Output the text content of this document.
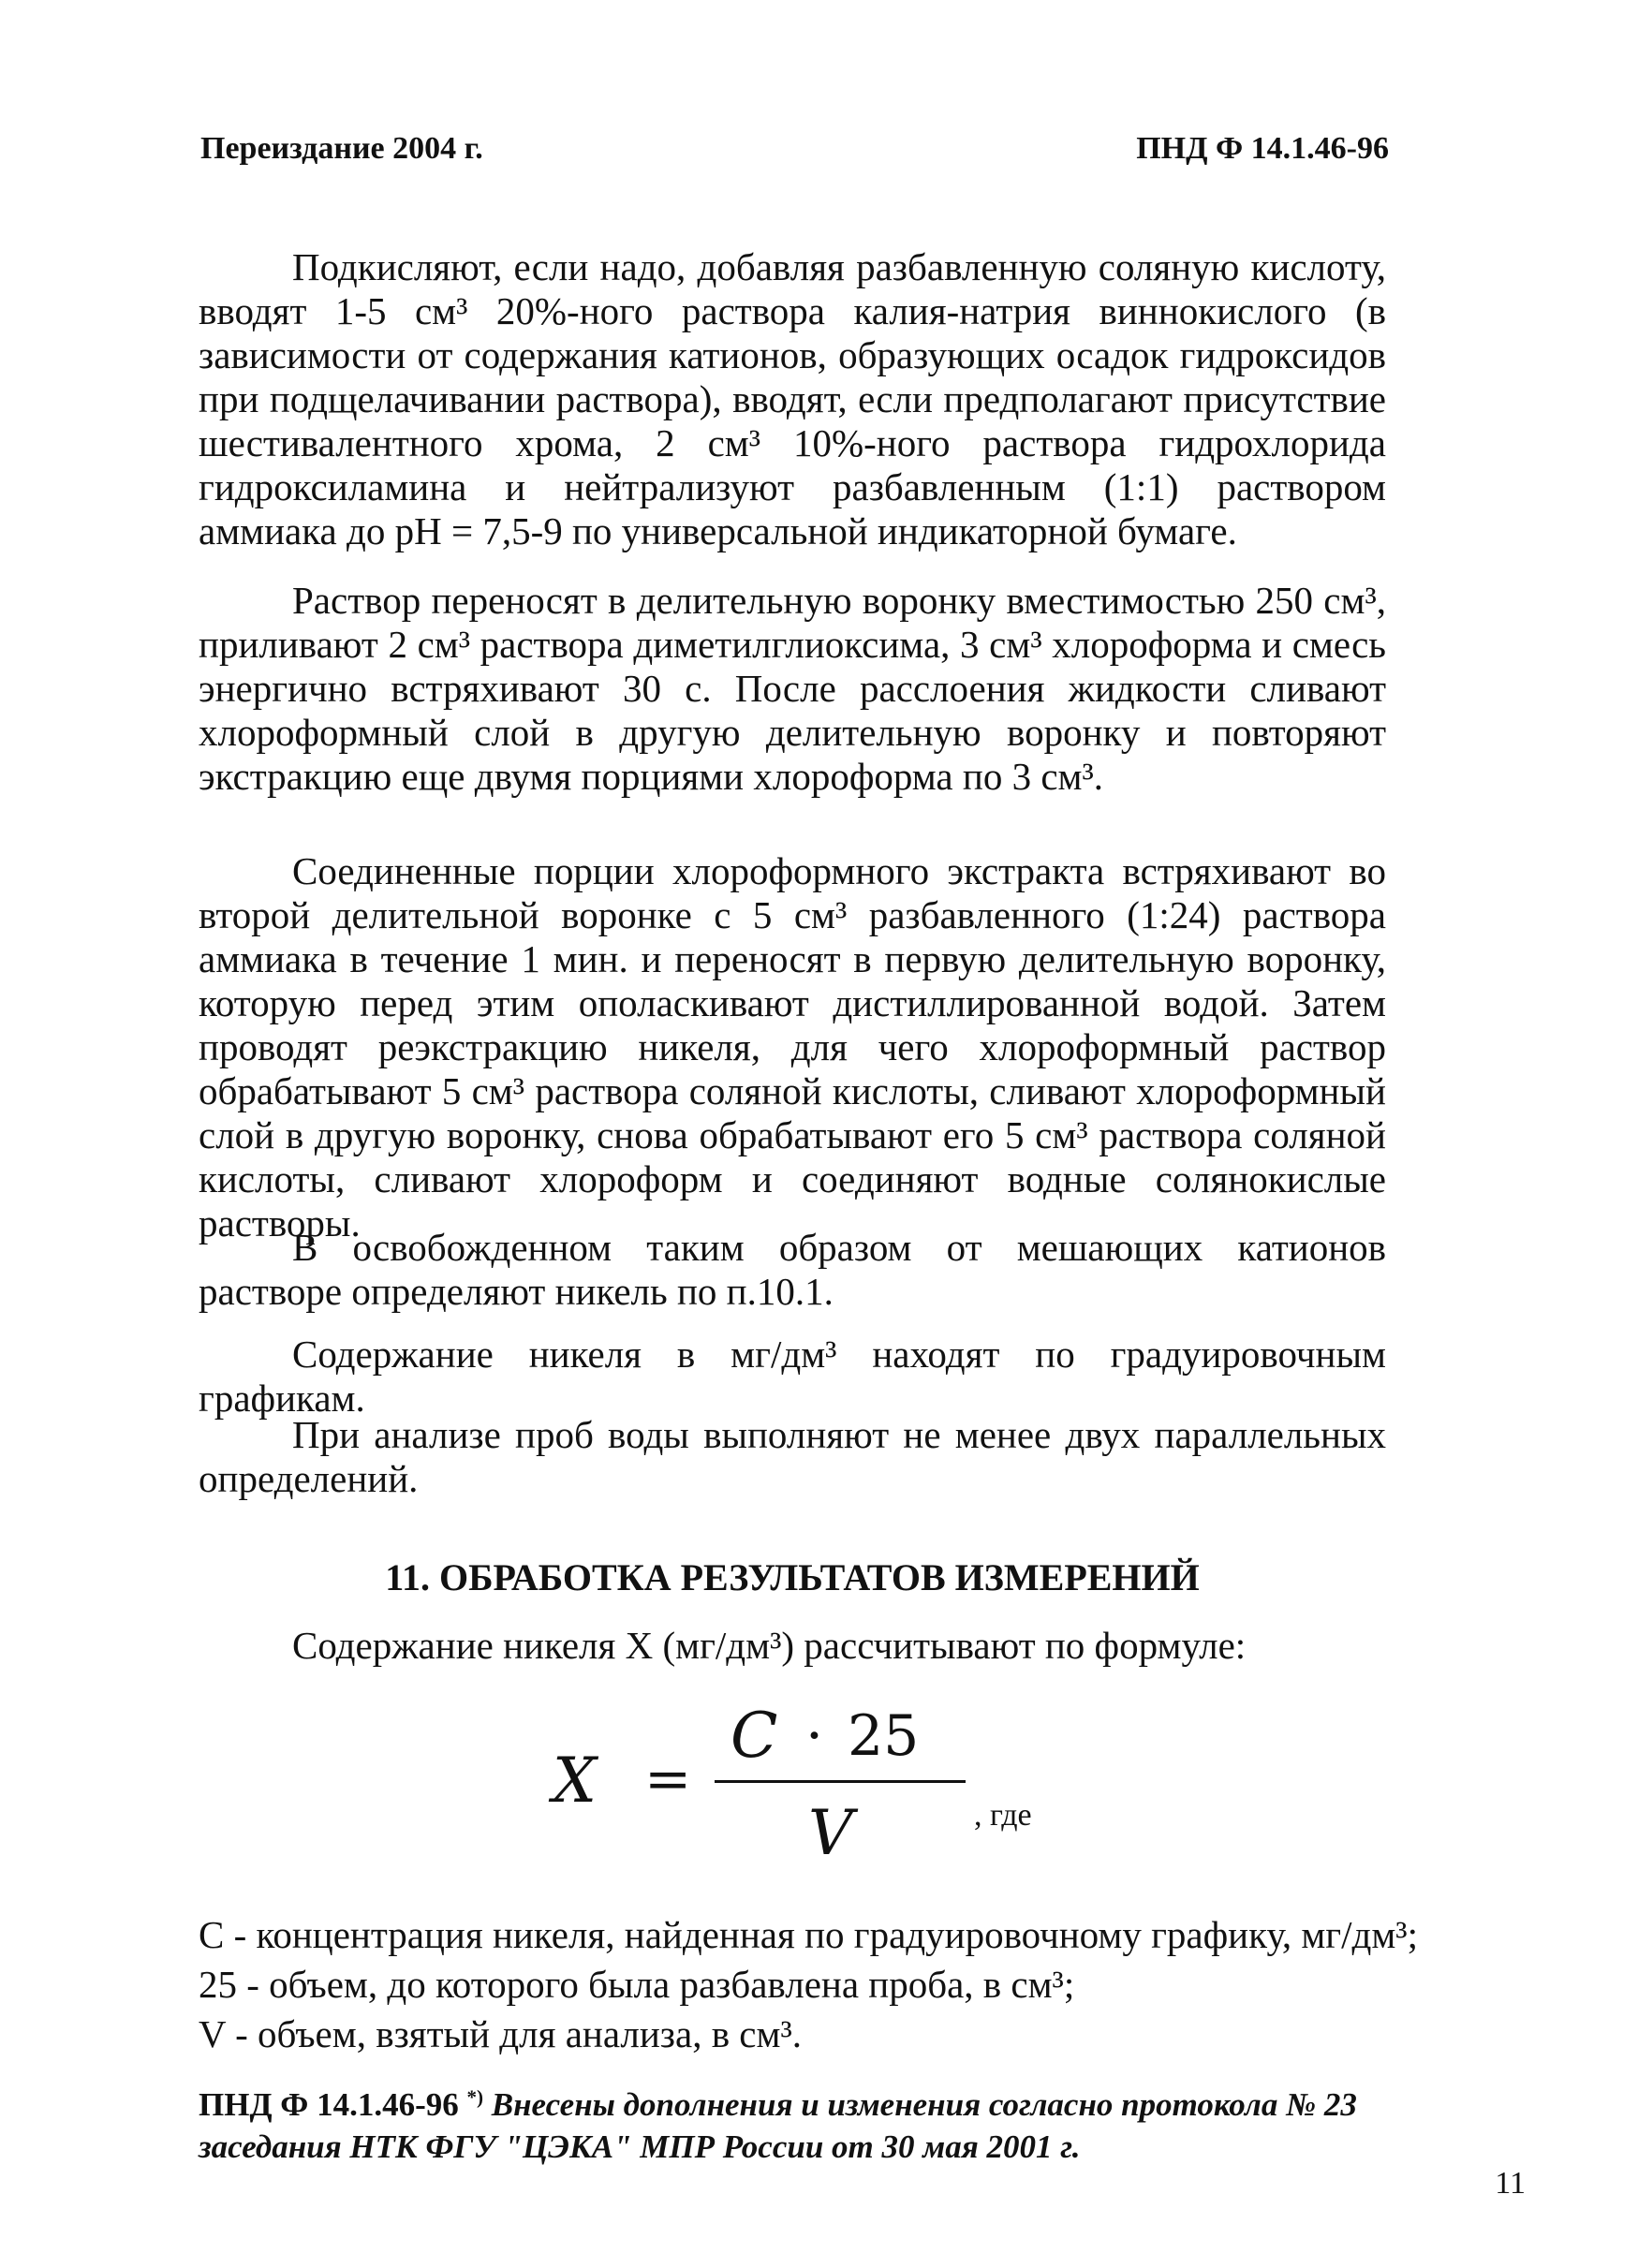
Переиздание 2004 г.	ПНД Ф 14.1.46-96

Подкисляют, если надо, добавляя разбавленную соляную кислоту, вводят 1-5 см³ 20%-ного раствора калия-натрия виннокислого (в зависимости от содержания катионов, образующих осадок гидроксидов при подщелачивании раствора), вводят, если предполагают присутствие шестивалентного хрома, 2 см³ 10%-ного раствора гидрохлорида гидроксиламина и нейтрализуют разбавленным (1:1) раствором аммиака до pH = 7,5-9 по универсальной индикаторной бумаге.

Раствор переносят в делительную воронку вместимостью 250 см³, приливают 2 см³ раствора диметилглиоксима, 3 см³ хлороформа и смесь энергично встряхивают 30 с. После расслоения жидкости сливают хлороформный слой в другую делительную воронку и повторяют экстракцию еще двумя порциями хлороформа по 3 см³.

Соединенные порции хлороформного экстракта встряхивают во второй делительной воронке с 5 см³ разбавленного (1:24) раствора аммиака в течение 1 мин. и переносят в первую делительную воронку, которую перед этим ополаскивают дистиллированной водой. Затем проводят реэкстракцию никеля, для чего хлороформный раствор обрабатывают 5 см³ раствора соляной кислоты, сливают хлороформный слой в другую воронку, снова обрабатывают его 5 см³ раствора соляной кислоты, сливают хлороформ и соединяют водные солянокислые растворы.

В освобожденном таким образом от мешающих катионов растворе определяют никель по п.10.1.

Содержание никеля в мг/дм³ находят по градуировочным графикам.

При анализе проб воды выполняют не менее двух параллельных определений.

11. ОБРАБОТКА РЕЗУЛЬТАТОВ ИЗМЕРЕНИЙ
Содержание никеля X (мг/дм³) рассчитывают по формуле:
X =
C · 25
V	, где
С - концентрация никеля, найденная по градуировочному графику, мг/дм³;
25 - объем, до которого была разбавлена проба, в см³;
V - объем, взятый для анализа, в см³.
ПНД Ф 14.1.46-96 *) Внесены дополнения и изменения согласно протокола № 23 заседания НТК ФГУ "ЦЭКА" МПР России от 30 мая 2001 г.
11
